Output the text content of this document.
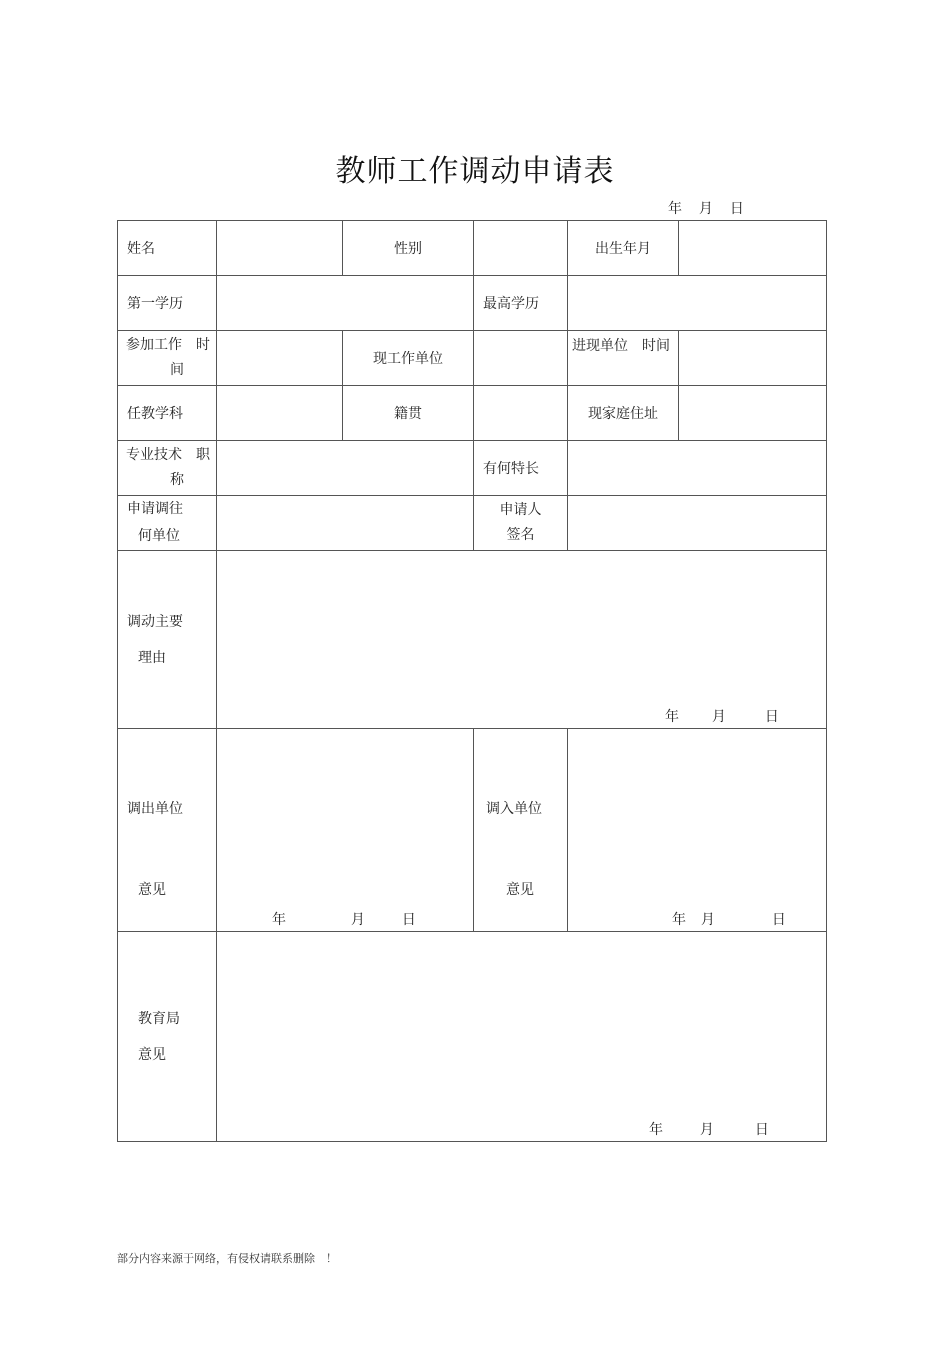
教师工作调动申请表
年 月 日
姓名		性别		出生年月	
第一学历			最高学历		
参加工作　时
间		现工作单位		进现单位　时间	
任教学科		籍贯		现家庭住址	
专业技术　职
称			有何特长		
申请调往
何单位			申请人
签名		
调动主要
理由	年 月 日				

调出单位
意见	年 月 日		调入单位
意见	年 月 日	

教育局
意见	年 月 日				
部分内容来源于网络，有侵权请联系删除　！
